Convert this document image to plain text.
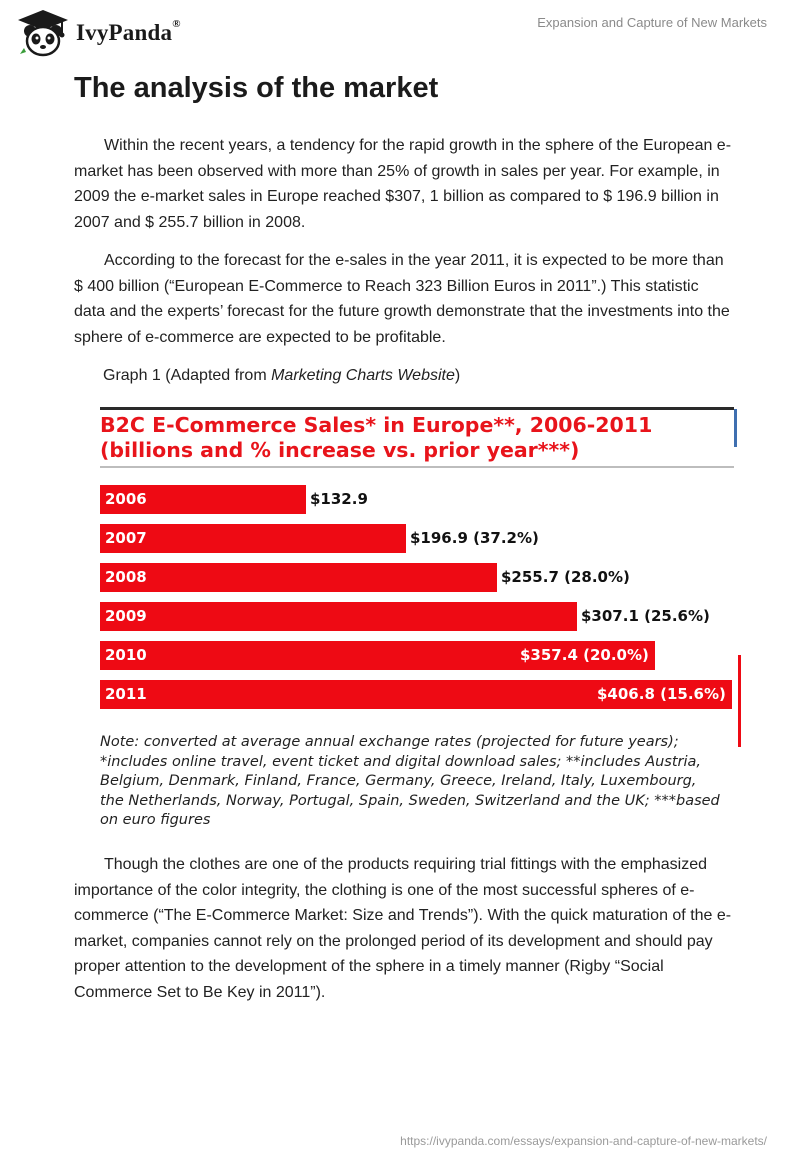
IvyPanda®	Expansion and Capture of New Markets
The analysis of the market

Within the recent years, a tendency for the rapid growth in the sphere of the European e-market has been observed with more than 25% of growth in sales per year. For example, in 2009 the e-market sales in Europe reached $307, 1 billion as compared to $ 196.9 billion in 2007 and $ 255.7 billion in 2008.

According to the forecast for the e-sales in the year 2011, it is expected to be more than $ 400 billion (“European E-Commerce to Reach 323 Billion Euros in 2011”.) This statistic data and the experts’ forecast for the future growth demonstrate that the investments into the sphere of e-commerce are expected to be profitable.

Graph 1 (Adapted from Marketing Charts Website)
B2C E-Commerce Sales* in Europe**, 2006-2011
(billions and % increase vs. prior year***)
2006	$132.9
2007	$196.9 (37.2%)
2008	$255.7 (28.0%)
2009	$307.1 (25.6%)
2010	$357.4 (20.0%)
2011	$406.8 (15.6%)

Note: converted at average annual exchange rates (projected for future years); *includes online travel, event ticket and digital download sales; **includes Austria, Belgium, Denmark, Finland, France, Germany, Greece, Ireland, Italy, Luxembourg, the Netherlands, Norway, Portugal, Spain, Sweden, Switzerland and the UK; ***based on euro figures

Though the clothes are one of the products requiring trial fittings with the emphasized importance of the color integrity, the clothing is one of the most successful spheres of e-commerce (“The E-Commerce Market: Size and Trends”). With the quick maturation of the e-market, companies cannot rely on the prolonged period of its development and should pay proper attention to the development of the sphere in a timely manner (Rigby “Social Commerce Set to Be Key in 2011”).

https://ivypanda.com/essays/expansion-and-capture-of-new-markets/
